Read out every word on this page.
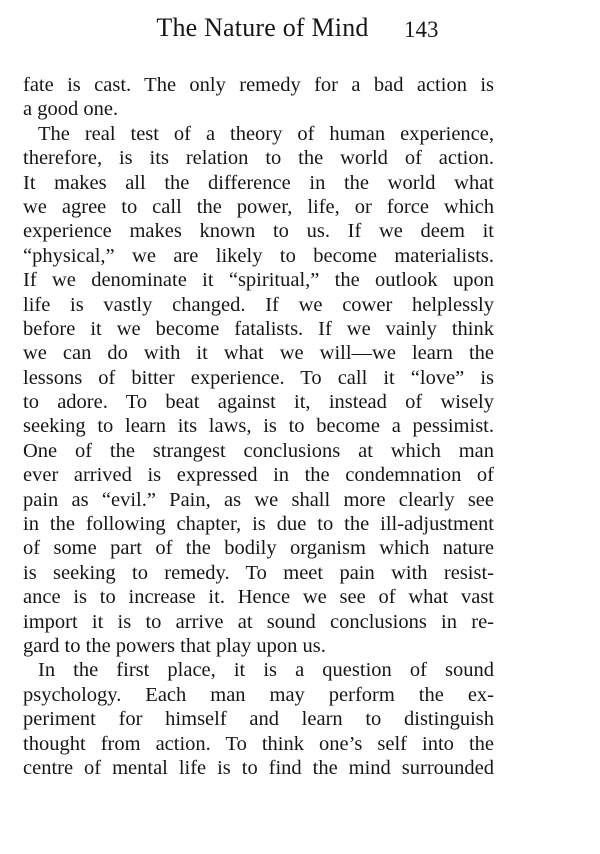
The Nature of Mind	143
fate is cast. The only remedy for a bad action is
a good one.
The real test of a theory of human experience,
therefore, is its relation to the world of action.
It makes all the difference in the world what
we agree to call the power, life, or force which
experience makes known to us. If we deem it
“physical,” we are likely to become materialists.
If we denominate it “spiritual,” the outlook upon
life is vastly changed. If we cower helplessly
before it we become fatalists. If we vainly think
we can do with it what we will—we learn the
lessons of bitter experience. To call it “love” is
to adore. To beat against it, instead of wisely
seeking to learn its laws, is to become a pessimist.
One of the strangest conclusions at which man
ever arrived is expressed in the condemnation of
pain as “evil.” Pain, as we shall more clearly see
in the following chapter, is due to the ill-adjustment
of some part of the bodily organism which nature
is seeking to remedy. To meet pain with resist-
ance is to increase it. Hence we see of what vast
import it is to arrive at sound conclusions in re-
gard to the powers that play upon us.
In the first place, it is a question of sound
psychology. Each man may perform the ex-
periment for himself and learn to distinguish
thought from action. To think one’s self into the
centre of mental life is to find the mind surrounded
